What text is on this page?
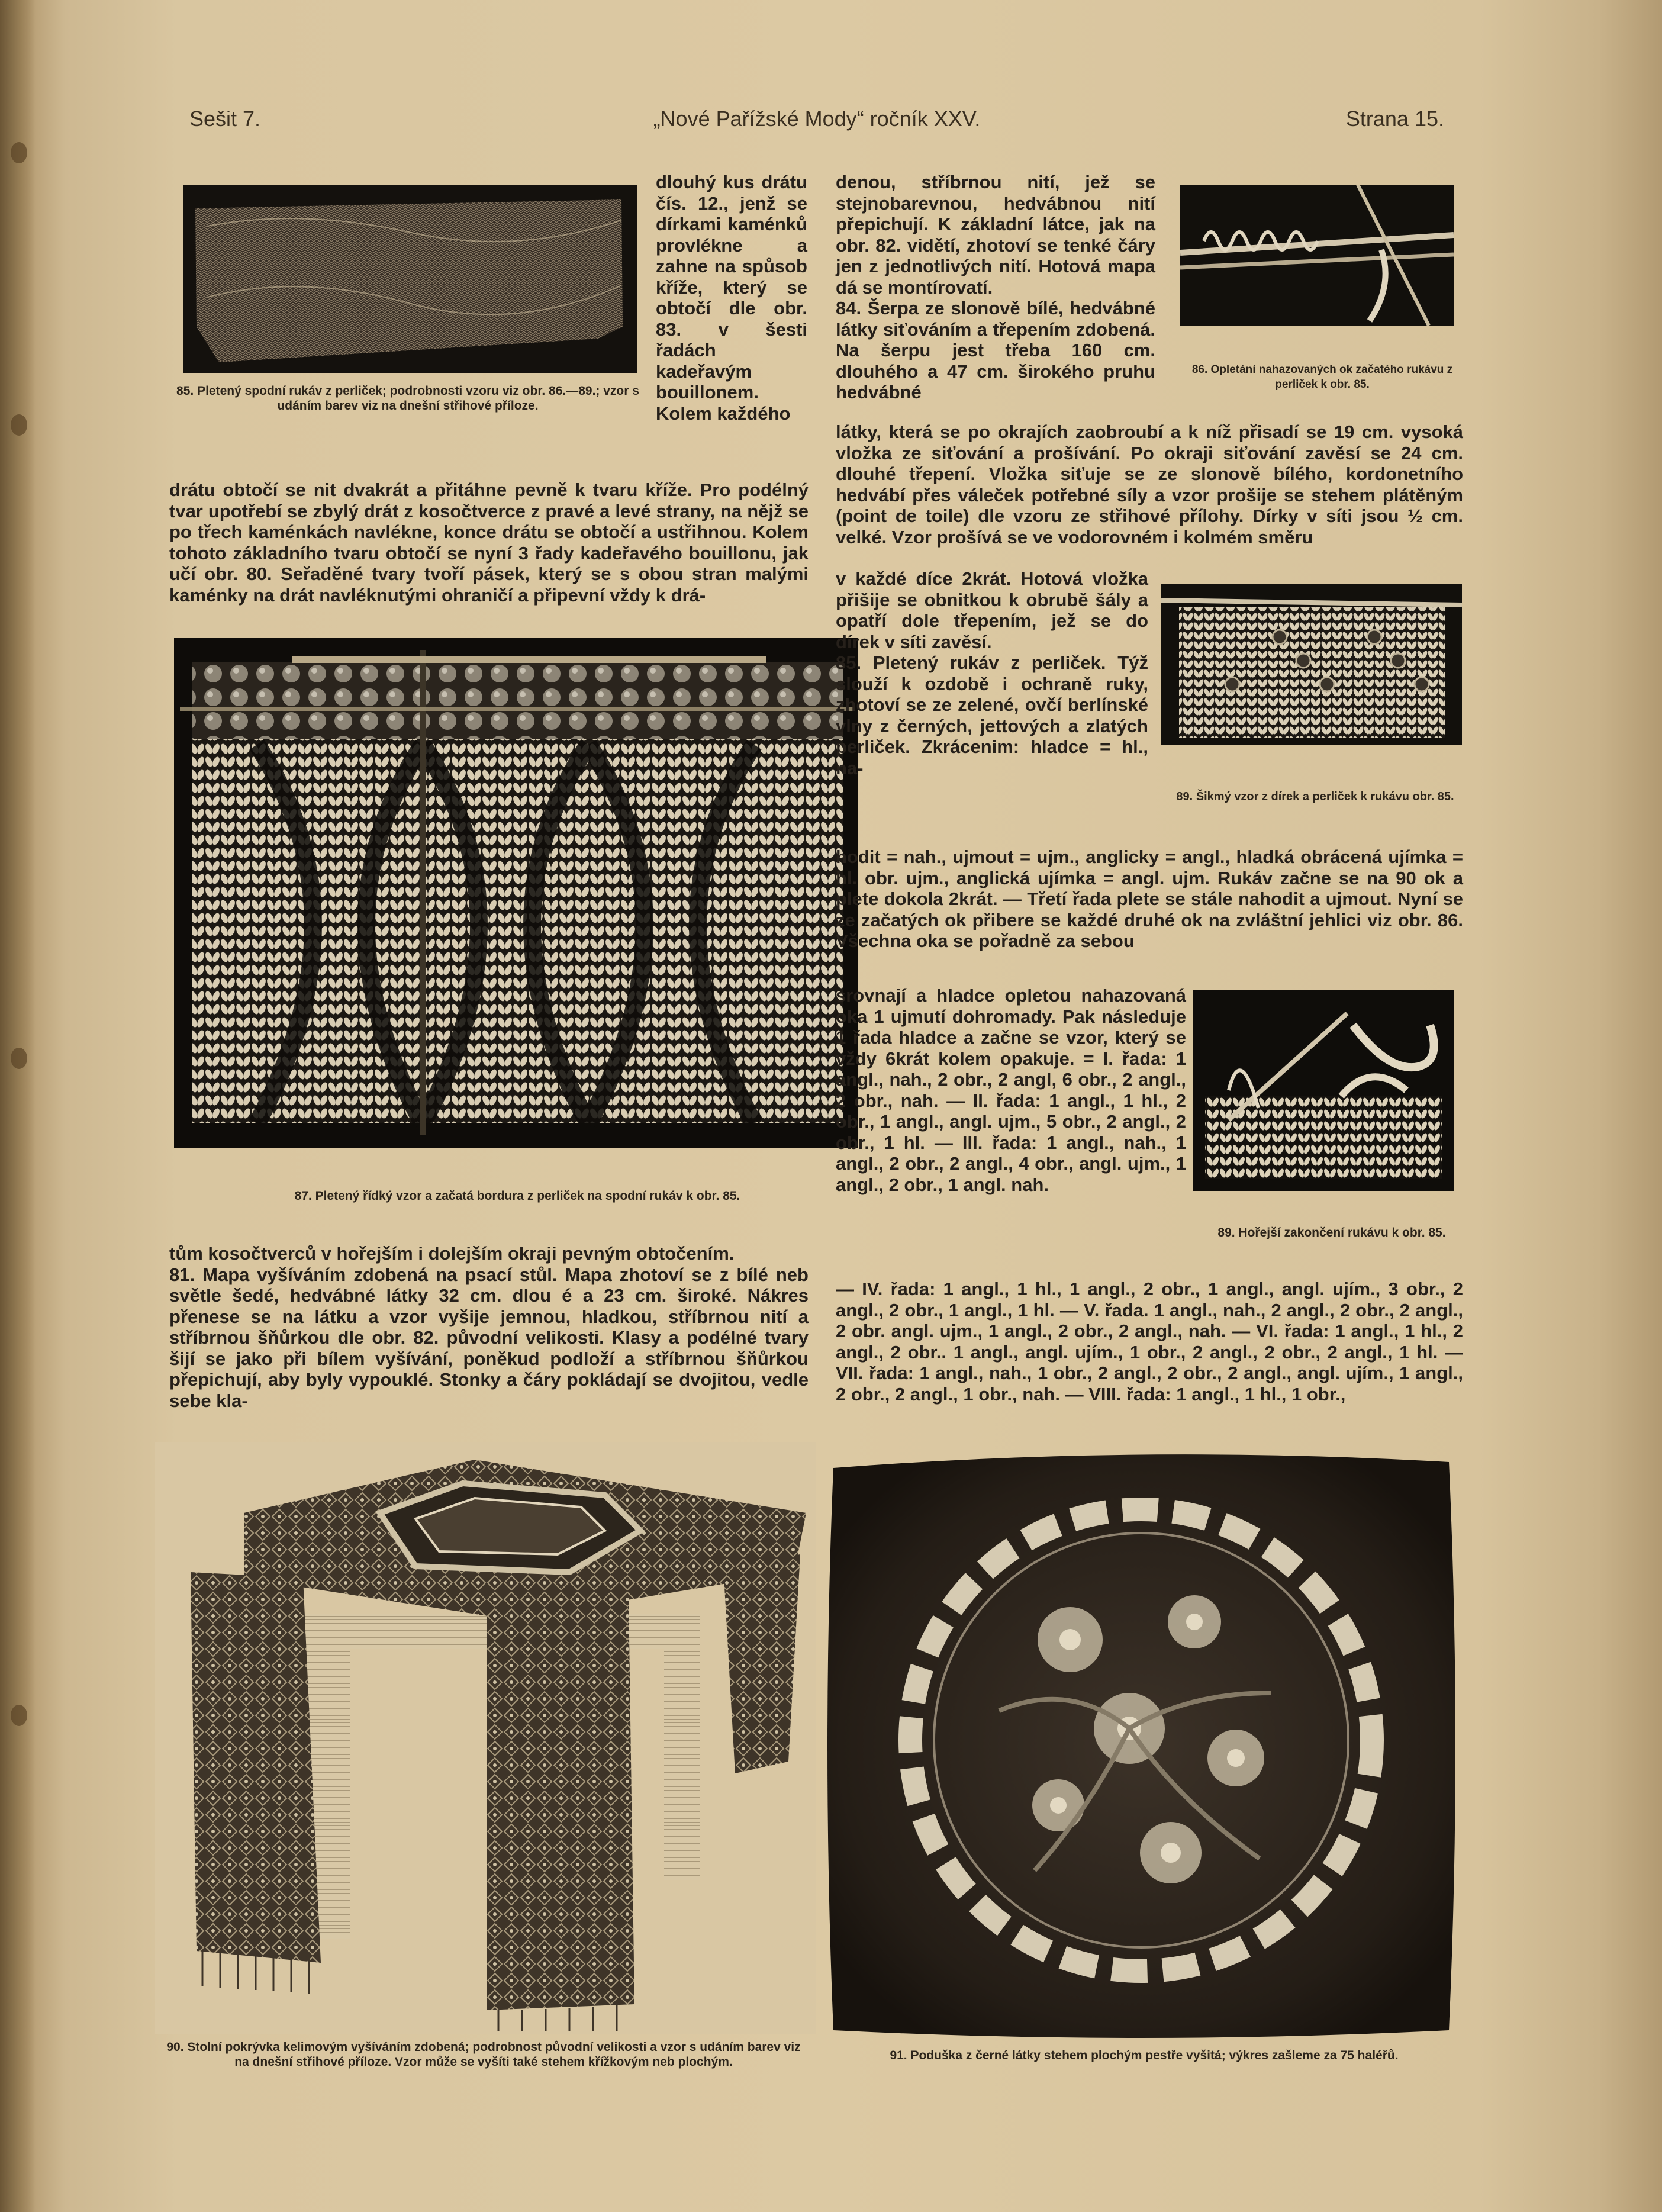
Sešit 7.	„Nové Pařížské Mody“ ročník XXV.	Strana 15.
85. Pletený spodní rukáv z perliček; podrobnosti vzoru viz obr. 86.—89.; vzor s udáním barev viz na dnešní střihové příloze.
dlouhý kus drátu čís. 12., jenž se dírkami kaménků provlékne a zahne na spůsob kříže, který se obtočí dle obr. 83. v šesti řadách kadeřavým bouillonem. Kolem každého
drátu obtočí se nit dvakrát a přitáhne pevně k tvaru kříže. Pro podélný tvar upotřebí se zbylý drát z kosočtverce z pravé a levé strany, na nějž se po třech kaménkách navlékne, konce drátu se obtočí a ustřihnou. Kolem tohoto základního tvaru obtočí se nyní 3 řady kadeřavého bouillonu, jak učí obr. 80. Seřaděné tvary tvoří pásek, který se s obou stran malými kaménky na drát navléknutými ohraničí a připevní vždy k drá-
87. Pletený řídký vzor a začatá bordura z perliček na spodní rukáv k obr. 85.
tům kosočtverců v hořejším i dolejším okraji pevným obtočením.
81. Mapa vyšíváním zdobená na psací stůl. Mapa zhotoví se z bílé neb světle šedé, hedvábné látky 32 cm. dlou é a 23 cm. široké. Nákres přenese se na látku a vzor vyšije jemnou, hladkou, stříbrnou nití a stříbrnou šňůrkou dle obr. 82. původní velikosti. Klasy a podélné tvary šijí se jako při bílem vyšívání, poněkud podloží a stříbrnou šňůrkou přepichují, aby byly vypouklé. Stonky a čáry pokládají se dvojitou, vedle sebe kla-
denou, stříbrnou nití, jež se stejnobarevnou, hedvábnou nití přepichují. K základní látce, jak na obr. 82. vidětí, zhotoví se tenké čáry jen z jednotlivých nití. Hotová mapa dá se montírovatí.
84. Šerpa ze slonově bílé, hedvábné látky siťováním a třepením zdobená. Na šerpu jest třeba 160 cm. dlouhého a 47 cm. širokého pruhu hedvábné
86. Opletání nahazovaných ok začatého rukávu z perliček k obr. 85.
látky, která se po okrajích zaobroubí a k níž přisadí se 19 cm. vysoká vložka ze siťování a prošívání. Po okraji siťování zavěsí se 24 cm. dlouhé třepení. Vložka siťuje se ze slonově bílého, kordonetního hedvábí přes váleček potřebné síly a vzor prošije se stehem plátěným (point de toile) dle vzoru ze střihové přílohy. Dírky v síti jsou ½ cm. velké. Vzor prošívá se ve vodorovném i kolmém směru
89. Šikmý vzor z dírek a perliček k rukávu obr. 85.
v každé díce 2krát. Hotová vložka přišije se obnitkou k obrubě šály a opatří dole třepením, jež se do dírek v síti zavěsí.
85. Pletený rukáv z perliček. Týž slouží k ozdobě i ochraně ruky, zhotoví se ze zelené, ovčí berlínské vlny z černých, jettových a zlatých perliček. Zkrácenim: hladce = hl., na-
hodit = nah., ujmout = ujm., anglicky = angl., hladká obrácená ujímka = hl. obr. ujm., anglická ujímka = angl. ujm. Rukáv začne se na 90 ok a plete dokola 2krát. — Třetí řada plete se stále nahodit a ujmout. Nyní se ze začatých ok přibere se každé druhé ok na zvláštní jehlici viz obr. 86. Všechna oka se pořadně za sebou
89. Hořejší zakončení rukávu k obr. 85.
srovnají a hladce opletou nahazovaná oka 1 ujmutí dohromady. Pak následuje 1 řada hladce a začne se vzor, který se vždy 6krát kolem opakuje. = I. řada: 1 angl., nah., 2 obr., 2 angl, 6 obr., 2 angl., 2 obr., nah. — II. řada: 1 angl., 1 hl., 2 obr., 1 angl., angl. ujm., 5 obr., 2 angl., 2 obr., 1 hl. — III. řada: 1 angl., nah., 1 angl., 2 obr., 2 angl., 4 obr., angl. ujm., 1 angl., 2 obr., 1 angl. nah.
— IV. řada: 1 angl., 1 hl., 1 angl., 2 obr., 1 angl., angl. ujím., 3 obr., 2 angl., 2 obr., 1 angl., 1 hl. — V. řada. 1 angl., nah., 2 angl., 2 obr., 2 angl., 2 obr. angl. ujm., 1 angl., 2 obr., 2 angl., nah. — VI. řada: 1 angl., 1 hl., 2 angl., 2 obr.. 1 angl., angl. ujím., 1 obr., 2 angl., 2 obr., 2 angl., 1 hl. — VII. řada: 1 angl., nah., 1 obr., 2 angl., 2 obr., 2 angl., angl. ujím., 1 angl., 2 obr., 2 angl., 1 obr., nah. — VIII. řada: 1 angl., 1 hl., 1 obr.,
90. Stolní pokrývka kelimovým vyšíváním zdobená; podrobnost původní velikosti a vzor s udáním barev viz na dnešní střihové příloze. Vzor může se vyšíti také stehem křížkovým neb plochým.	91. Poduška z černé látky stehem plochým pestře vyšitá; výkres zašleme za 75 haléřů.
